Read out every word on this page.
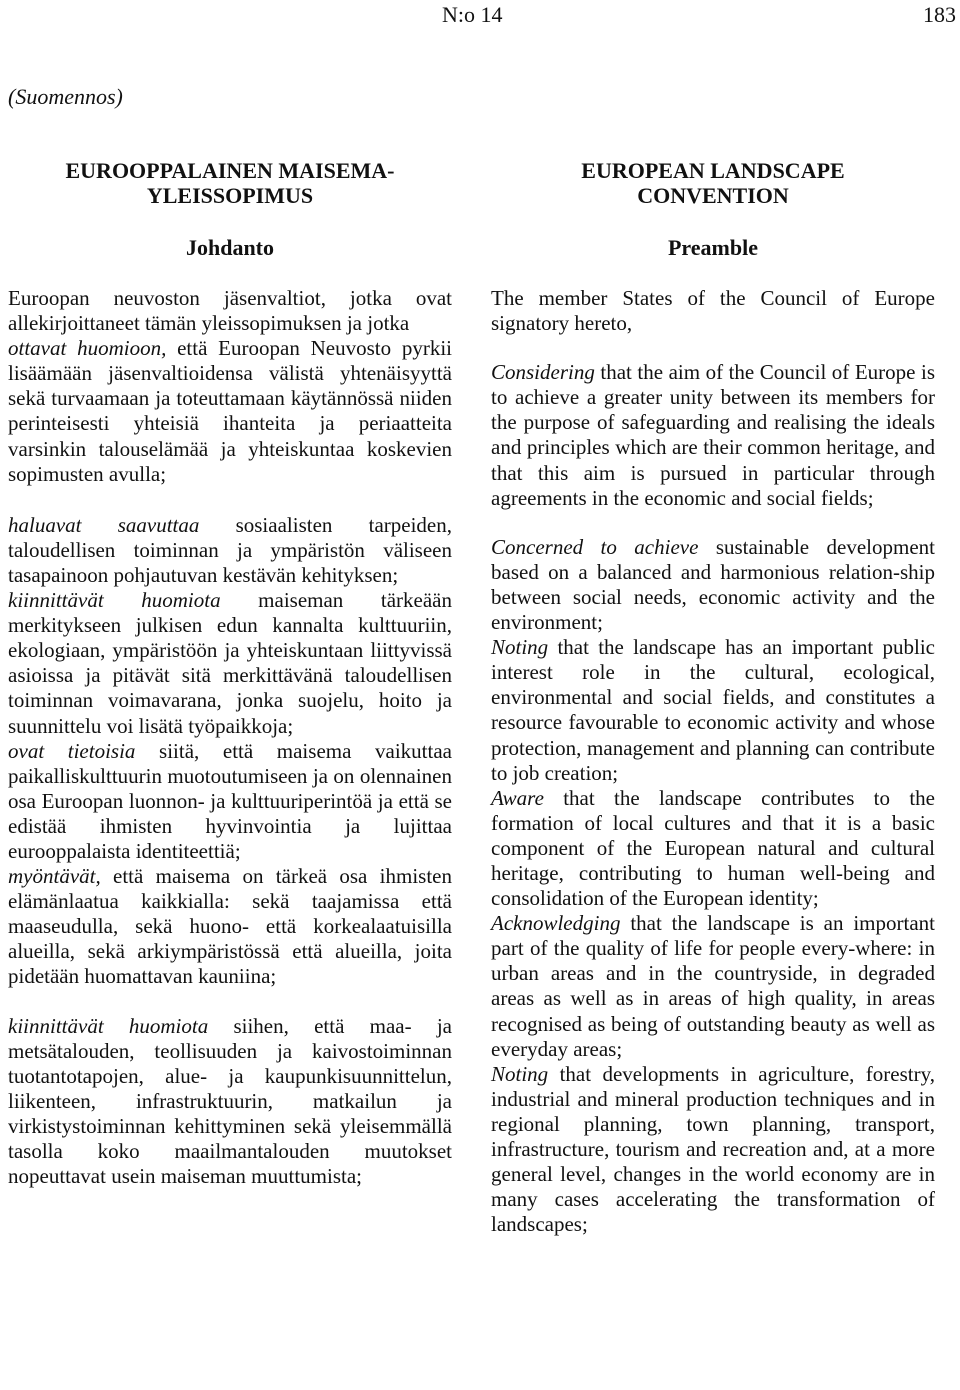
N:o 14	183
(Suomennos)
EUROOPPALAINEN MAISEMA-
YLEISSOPIMUS
Johdanto

Euroopan neuvoston jäsenvaltiot, jotka ovat allekirjoittaneet tämän yleissopimuksen ja jotka

ottavat huomioon, että Euroopan Neuvosto pyrkii lisäämään jäsenvaltioidensa välistä yhtenäisyyttä sekä turvaamaan ja toteuttamaan käytännössä niiden perinteisesti yhteisiä ihanteita ja periaatteita varsinkin talouselämää ja yhteiskuntaa koskevien sopimusten avulla;

haluavat saavuttaa sosiaalisten tarpeiden, taloudellisen toiminnan ja ympäristön väliseen tasapainoon pohjautuvan kestävän kehityksen;

kiinnittävät huomiota maiseman tärkeään merkitykseen julkisen edun kannalta kulttuuriin, ekologiaan, ympäristöön ja yhteiskuntaan liittyvissä asioissa ja pitävät sitä merkittävänä taloudellisen toiminnan voimavarana, jonka suojelu, hoito ja suunnittelu voi lisätä työpaikkoja;

ovat tietoisia siitä, että maisema vaikuttaa paikalliskulttuurin muotoutumiseen ja on olennainen osa Euroopan luonnon- ja kulttuuriperintöä ja että se edistää ihmisten hyvinvointia ja lujittaa eurooppalaista identiteettiä;

myöntävät, että maisema on tärkeä osa ihmisten elämänlaatua kaikkialla: sekä taajamissa että maaseudulla, sekä huono- että korkealaatuisilla alueilla, sekä arkiympäristössä että alueilla, joita pidetään huomattavan kauniina;

kiinnittävät huomiota siihen, että maa- ja metsätalouden, teollisuuden ja kaivostoiminnan tuotantotapojen, alue- ja kaupunkisuunnittelun, liikenteen, infrastruktuurin, matkailun ja virkistystoiminnan kehittyminen sekä yleisemmällä tasolla koko maailmantalouden muutokset nopeuttavat usein maiseman muuttumista;

EUROPEAN LANDSCAPE
CONVENTION
Preamble

The member States of the Council of Europe signatory hereto,

Considering that the aim of the Council of Europe is to achieve a greater unity between its members for the purpose of safeguarding and realising the ideals and principles which are their common heritage, and that this aim is pursued in particular through agreements in the economic and social fields;

Concerned to achieve sustainable development based on a balanced and harmonious relation-ship between social needs, economic activity and the environment;

Noting that the landscape has an important public interest role in the cultural, ecological, environmental and social fields, and constitutes a resource favourable to economic activity and whose protection, management and planning can contribute to job creation;

Aware that the landscape contributes to the formation of local cultures and that it is a basic component of the European natural and cultural heritage, contributing to human well-being and consolidation of the European identity;

Acknowledging that the landscape is an important part of the quality of life for people every-where: in urban areas and in the countryside, in degraded areas as well as in areas of high quality, in areas recognised as being of outstanding beauty as well as everyday areas;

Noting that developments in agriculture, forestry, industrial and mineral production techniques and in regional planning, town planning, transport, infrastructure, tourism and recreation and, at a more general level, changes in the world economy are in many cases accelerating the transformation of landscapes;
